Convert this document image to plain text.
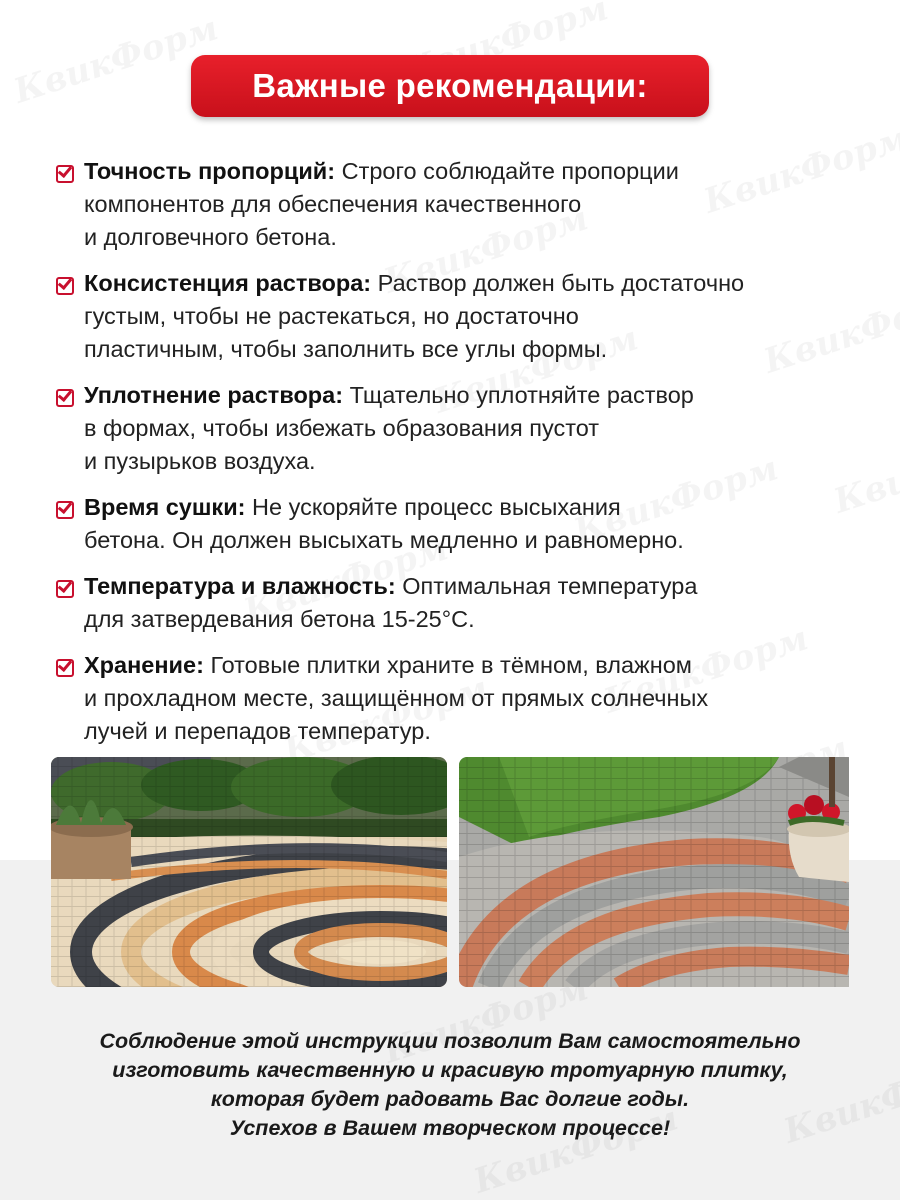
Важные рекомендации:
Точность пропорций: Строго соблюдайте пропорции
компонентов для обеспечения качественного
и долговечного бетона.
Консистенция раствора: Раствор должен быть достаточно
густым, чтобы не растекаться, но достаточно
пластичным, чтобы заполнить все углы формы.
Уплотнение раствора: Тщательно уплотняйте раствор
в формах, чтобы избежать образования пустот
и пузырьков воздуха.
Время сушки: Не ускоряйте процесс высыхания
бетона. Он должен высыхать медленно и равномерно.
Температура и влажность: Оптимальная температура
для затвердевания бетона 15-25°C.
Хранение: Готовые плитки храните в тёмном, влажном
и прохладном месте, защищённом от прямых солнечных
лучей и перепадов температур.
Соблюдение этой инструкции позволит Вам самостоятельно
изготовить качественную и красивую тротуарную плитку,
которая будет радовать Вас долгие годы.
Успехов в Вашем творческом процессе!
